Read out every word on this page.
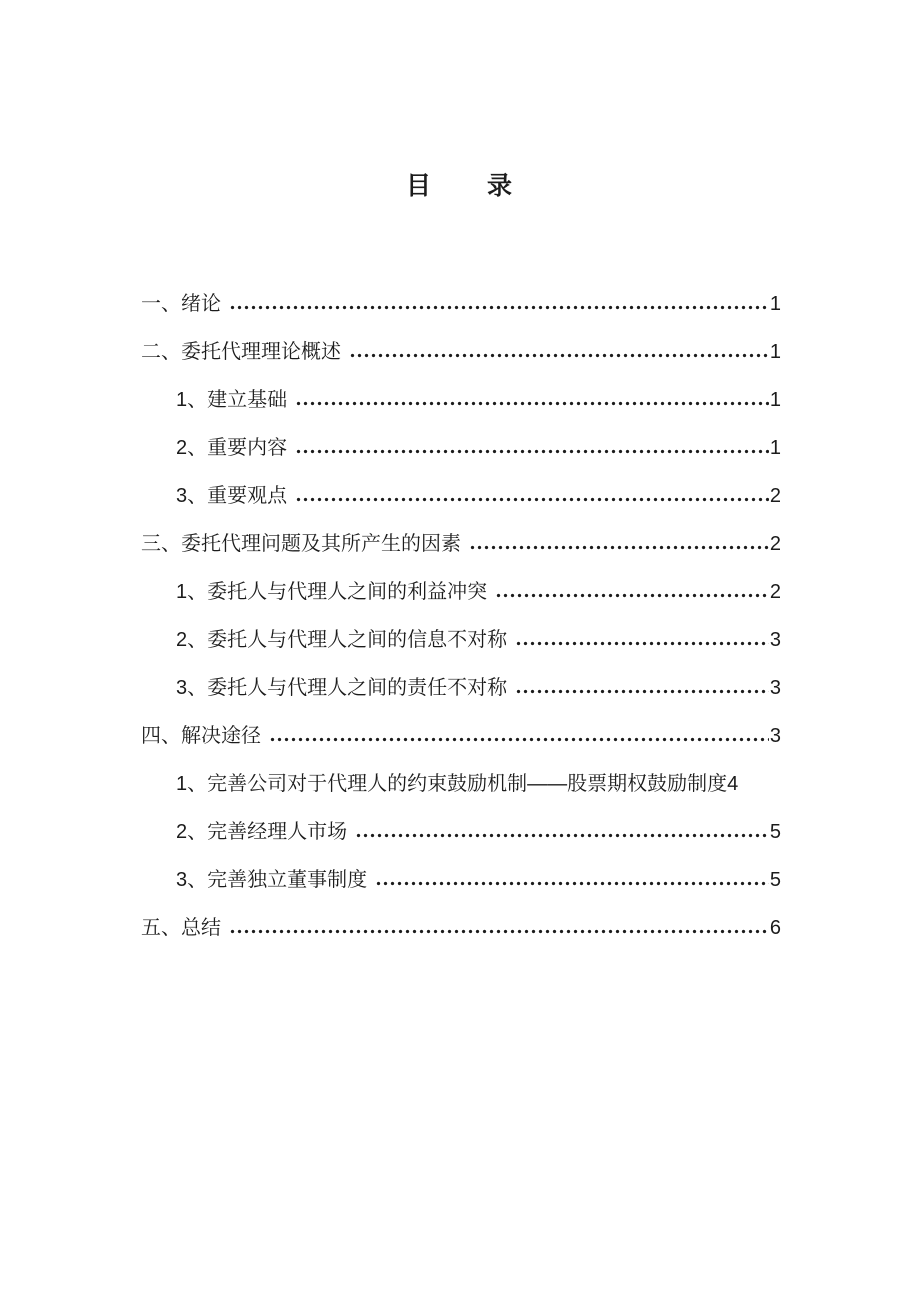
目　　录
一、绪论	1
二、委托代理理论概述	1
1、建立基础	1
2、重要内容	1
3、重要观点	2
三、委托代理问题及其所产生的因素	2
1、委托人与代理人之间的利益冲突	2
2、委托人与代理人之间的信息不对称	3
3、委托人与代理人之间的责任不对称	3
四、解决途径	3
1、完善公司对于代理人的约束鼓励机制——股票期权鼓励制度 4
2、完善经理人市场	5
3、完善独立董事制度	5
五、总结	6
